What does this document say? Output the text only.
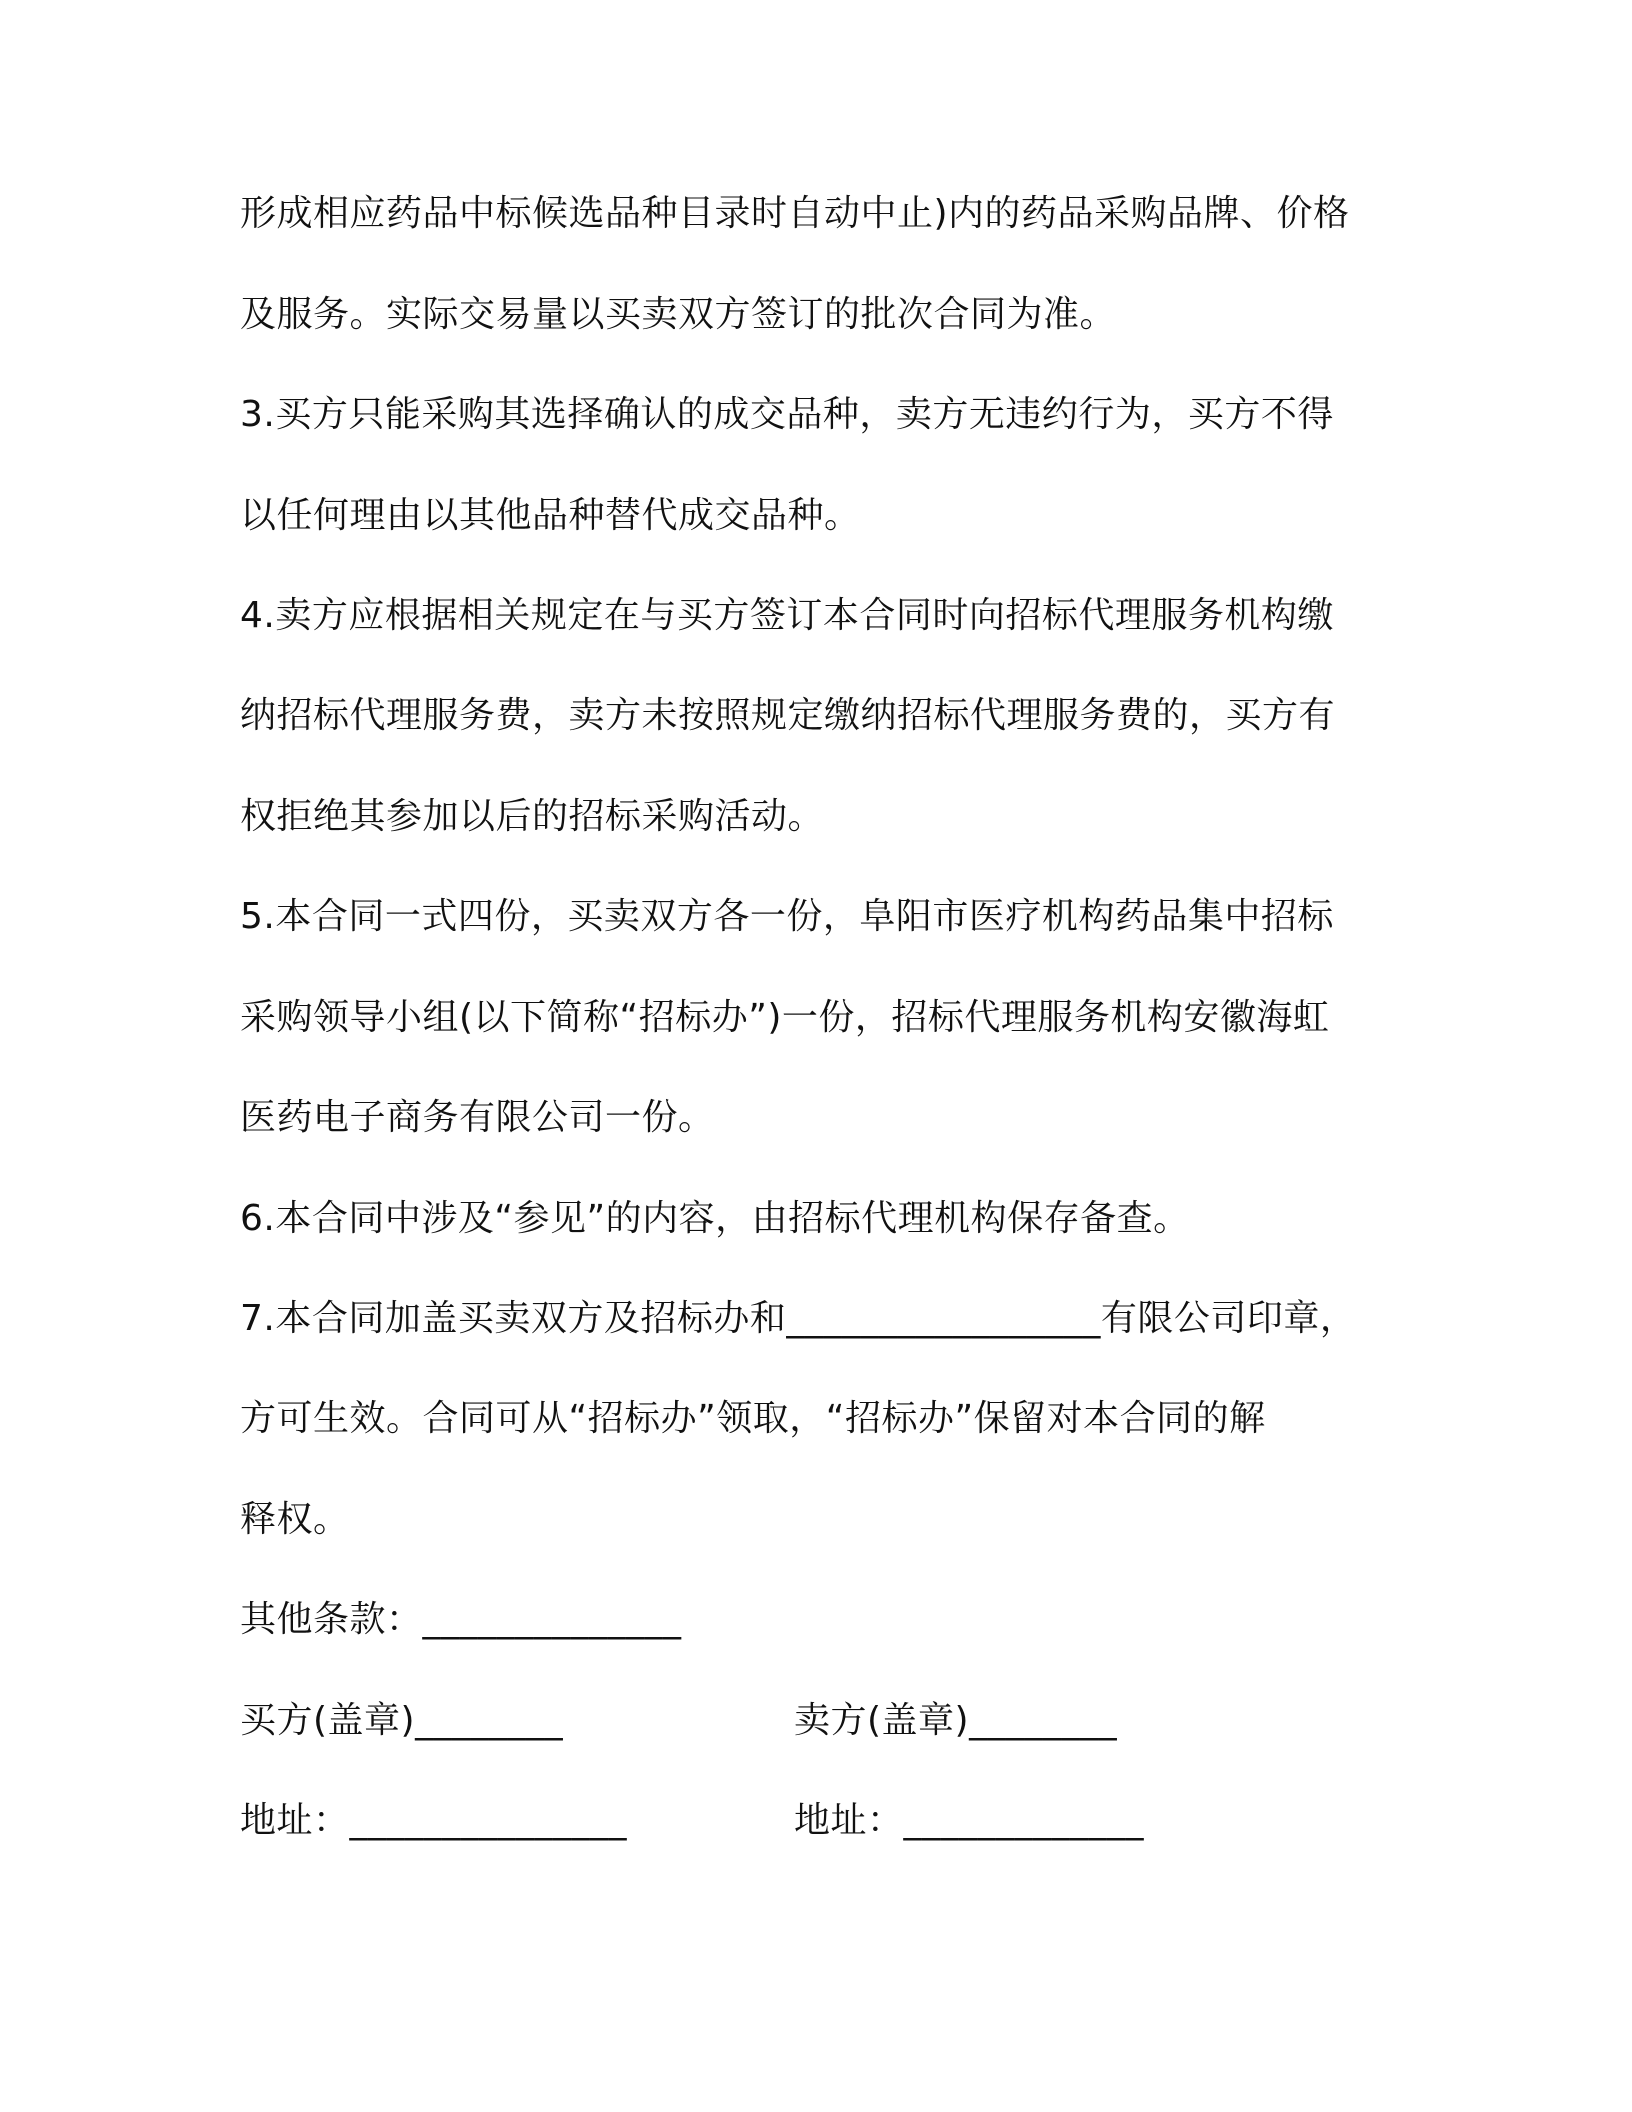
形成相应药品中标候选品种目录时自动中止)内的药品采购品牌、价格
及服务。实际交易量以买卖双方签订的批次合同为准。
3.买方只能采购其选择确认的成交品种，卖方无违约行为，买方不得
以任何理由以其他品种替代成交品种。
4.卖方应根据相关规定在与买方签订本合同时向招标代理服务机构缴
纳招标代理服务费，卖方未按照规定缴纳招标代理服务费的，买方有
权拒绝其参加以后的招标采购活动。
5.本合同一式四份，买卖双方各一份，阜阳市医疗机构药品集中招标
采购领导小组(以下简称“招标办”)一份，招标代理服务机构安徽海虹
医药电子商务有限公司一份。
6.本合同中涉及“参见”的内容，由招标代理机构保存备查。
7.本合同加盖买卖双方及招标办和_________________有限公司印章，
方可生效。合同可从“招标办”领取，“招标办”保留对本合同的解
释权。
其他条款：______________
买方(盖章)________	卖方(盖章)________
地址：_______________	地址：_____________
